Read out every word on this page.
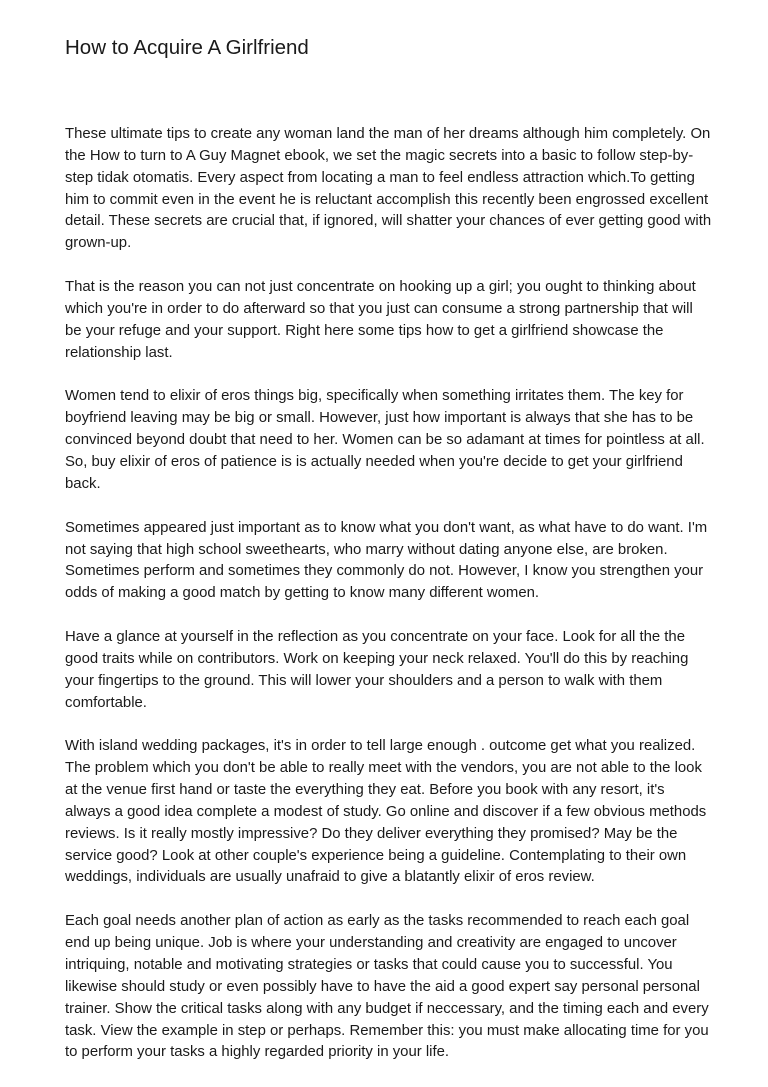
How to Acquire A Girlfriend

These ultimate tips to create any woman land the man of her dreams although him completely. On the How to turn to A Guy Magnet ebook, we set the magic secrets into a basic to follow step-by-step tidak otomatis. Every aspect from locating a man to feel endless attraction which.To getting him to commit even in the event he is reluctant accomplish this recently been engrossed excellent detail. These secrets are crucial that, if ignored, will shatter your chances of ever getting good with grown-up.

That is the reason you can not just concentrate on hooking up a girl; you ought to thinking about which you're in order to do afterward so that you just can consume a strong partnership that will be your refuge and your support. Right here some tips how to get a girlfriend showcase the relationship last.

Women tend to elixir of eros things big, specifically when something irritates them. The key for boyfriend leaving may be big or small. However, just how important is always that she has to be convinced beyond doubt that need to her. Women can be so adamant at times for pointless at all. So, buy elixir of eros of patience is is actually needed when you're decide to get your girlfriend back.

Sometimes appeared just important as to know what you don't want, as what have to do want. I'm not saying that high school sweethearts, who marry without dating anyone else, are broken. Sometimes perform and sometimes they commonly do not. However, I know you strengthen your odds of making a good match by getting to know many different women.

Have a glance at yourself in the reflection as you concentrate on your face. Look for all the the good traits while on contributors. Work on keeping your neck relaxed. You'll do this by reaching your fingertips to the ground. This will lower your shoulders and a person to walk with them comfortable.

With island wedding packages, it's in order to tell large enough . outcome get what you realized. The problem which you don't be able to really meet with the vendors, you are not able to the look at the venue first hand or taste the everything they eat. Before you book with any resort, it's always a good idea complete a modest of study. Go online and discover if a few obvious methods reviews. Is it really mostly impressive? Do they deliver everything they promised? May be the service good? Look at other couple's experience being a guideline. Contemplating to their own weddings, individuals are usually unafraid to give a blatantly elixir of eros review.

Each goal needs another plan of action as early as the tasks recommended to reach each goal end up being unique. Job is where your understanding and creativity are engaged to uncover intriquing, notable and motivating strategies or tasks that could cause you to successful. You likewise should study or even possibly have to have the aid a good expert say personal personal trainer. Show the critical tasks along with any budget if neccessary, and the timing each and every task. View the example in step or perhaps. Remember this: you must make allocating time for you to perform your tasks a highly regarded priority in your life.
